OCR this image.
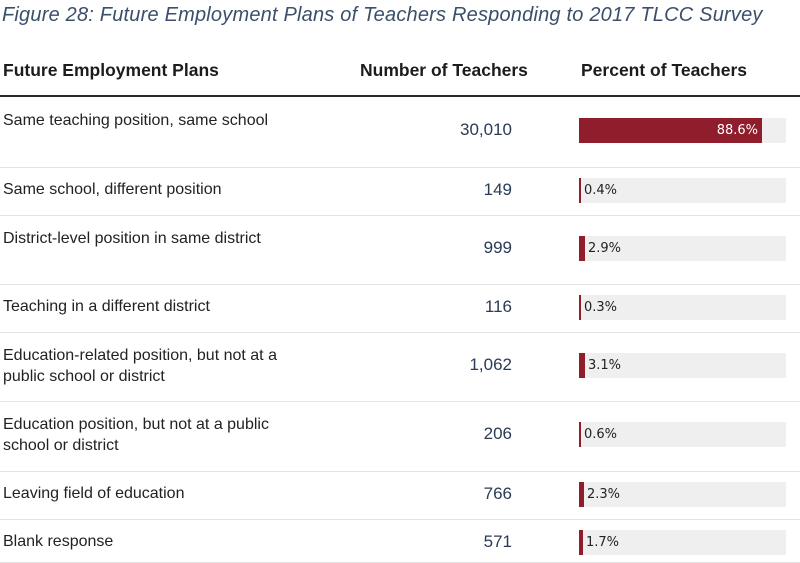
Figure 28: Future Employment Plans of Teachers Responding to 2017 TLCC Survey
Future Employment Plans	Number of Teachers	Percent of Teachers
Same teaching position, same school	30,010	88.6%
Same school, different position	149	0.4%
District-level position in same district	999	2.9%
Teaching in a different district	116	0.3%
Education-related position, but not at a public school or district
1,062	3.1%
Education position, but not at a public school or district
206	0.6%
Leaving field of education	766	2.3%
Blank response	571	1.7%
